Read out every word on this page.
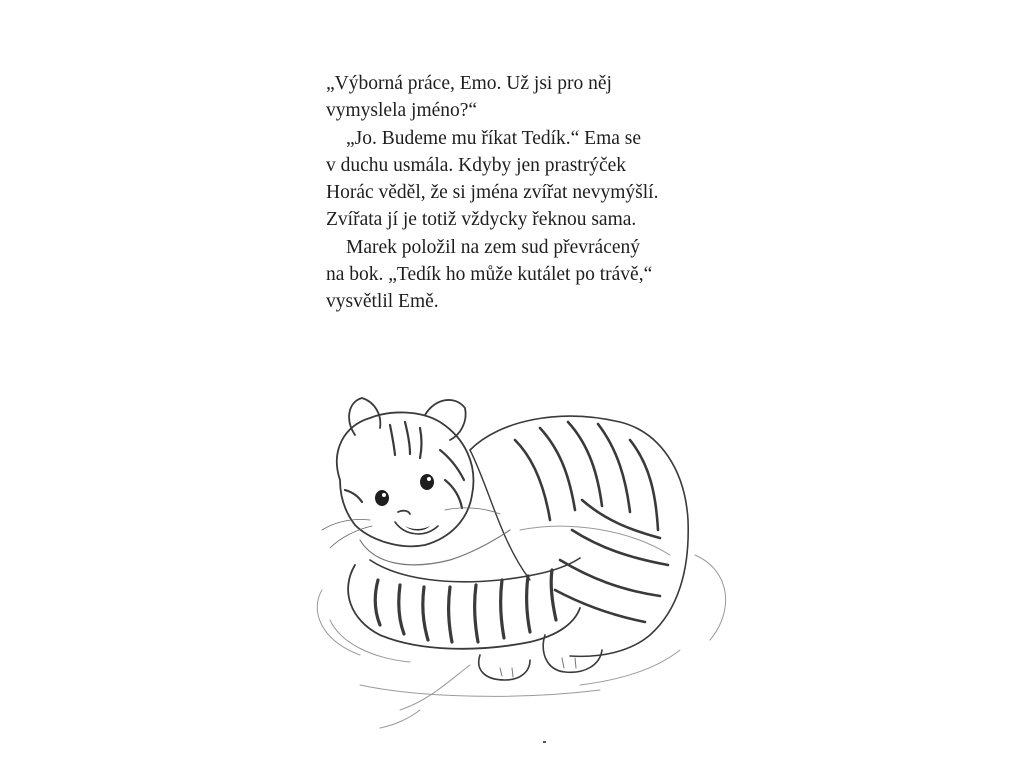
„Výborná práce, Emo. Už jsi pro něj
vymyslela jméno?“

„Jo. Budeme mu říkat Tedík.“ Ema se
v duchu usmála. Kdyby jen prastrýček
Horác věděl, že si jména zvířat nevymýšlí.
Zvířata jí je totiž vždycky řeknou sama.

Marek položil na zem sud převrácený
na bok. „Tedík ho může kutálet po trávě,“
vysvětlil Emě.
